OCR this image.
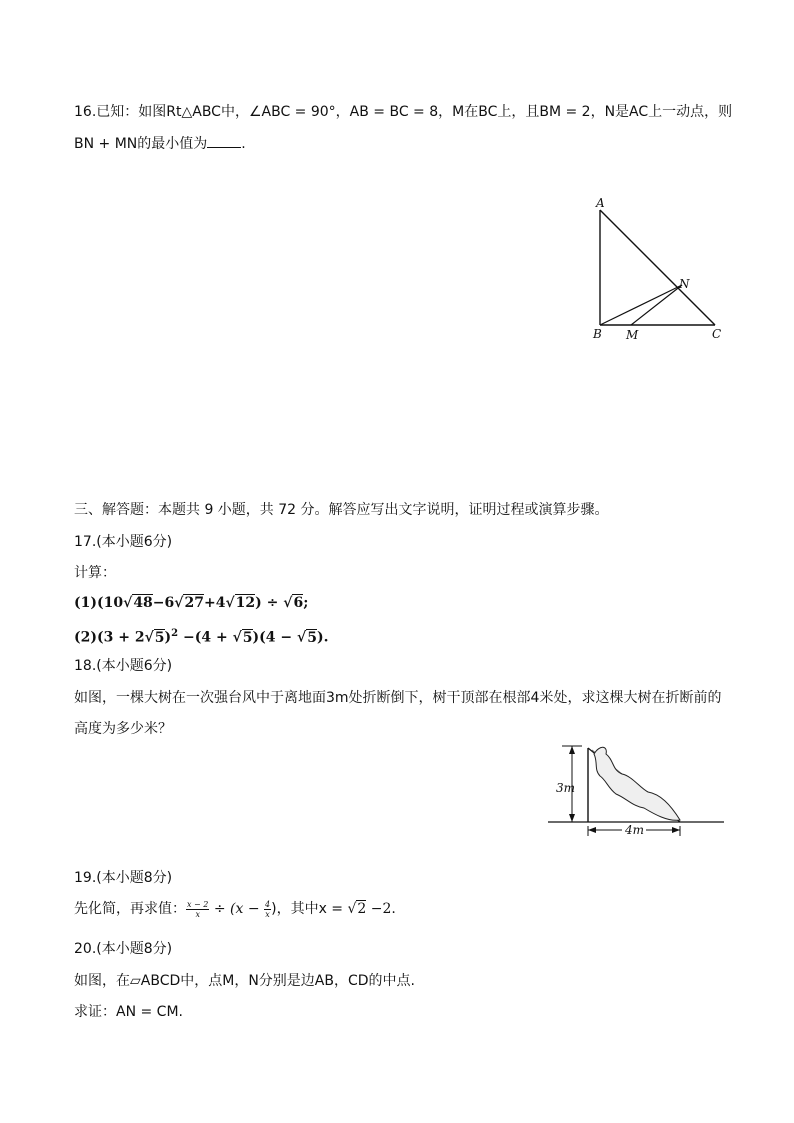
16.已知：如图Rt△ABC中，∠ABC = 90°，AB = BC = 8，M在BC上，且BM = 2，N是AC上一动点，则
BN + MN的最小值为 .
A
B	C
M
N
三、解答题：本题共 9 小题，共 72 分。解答应写出文字说明，证明过程或演算步骤。
17.(本小题6分)
计算：
(1)(10√48−6√27+4√12) ÷ √6;
$(2)(3 + 2√5)^2 -(4 + √5)(4 - √5)$.
18.(本小题6分)
如图，一棵大树在一次强台风中于离地面3m处折断倒下，树干顶部在根部4米处，求这棵大树在折断前的
高度为多少米？
3m
4m
19.(本小题8分)
先化简，再求值： $\frac{x - 2}{x} \div (x - \frac{4}{x}$ )，其中x = √2 −2.
20.(本小题8分)
如图，在▱ABCD中，点M，N分别是边AB，CD的中点.
求证：AN = CM.
